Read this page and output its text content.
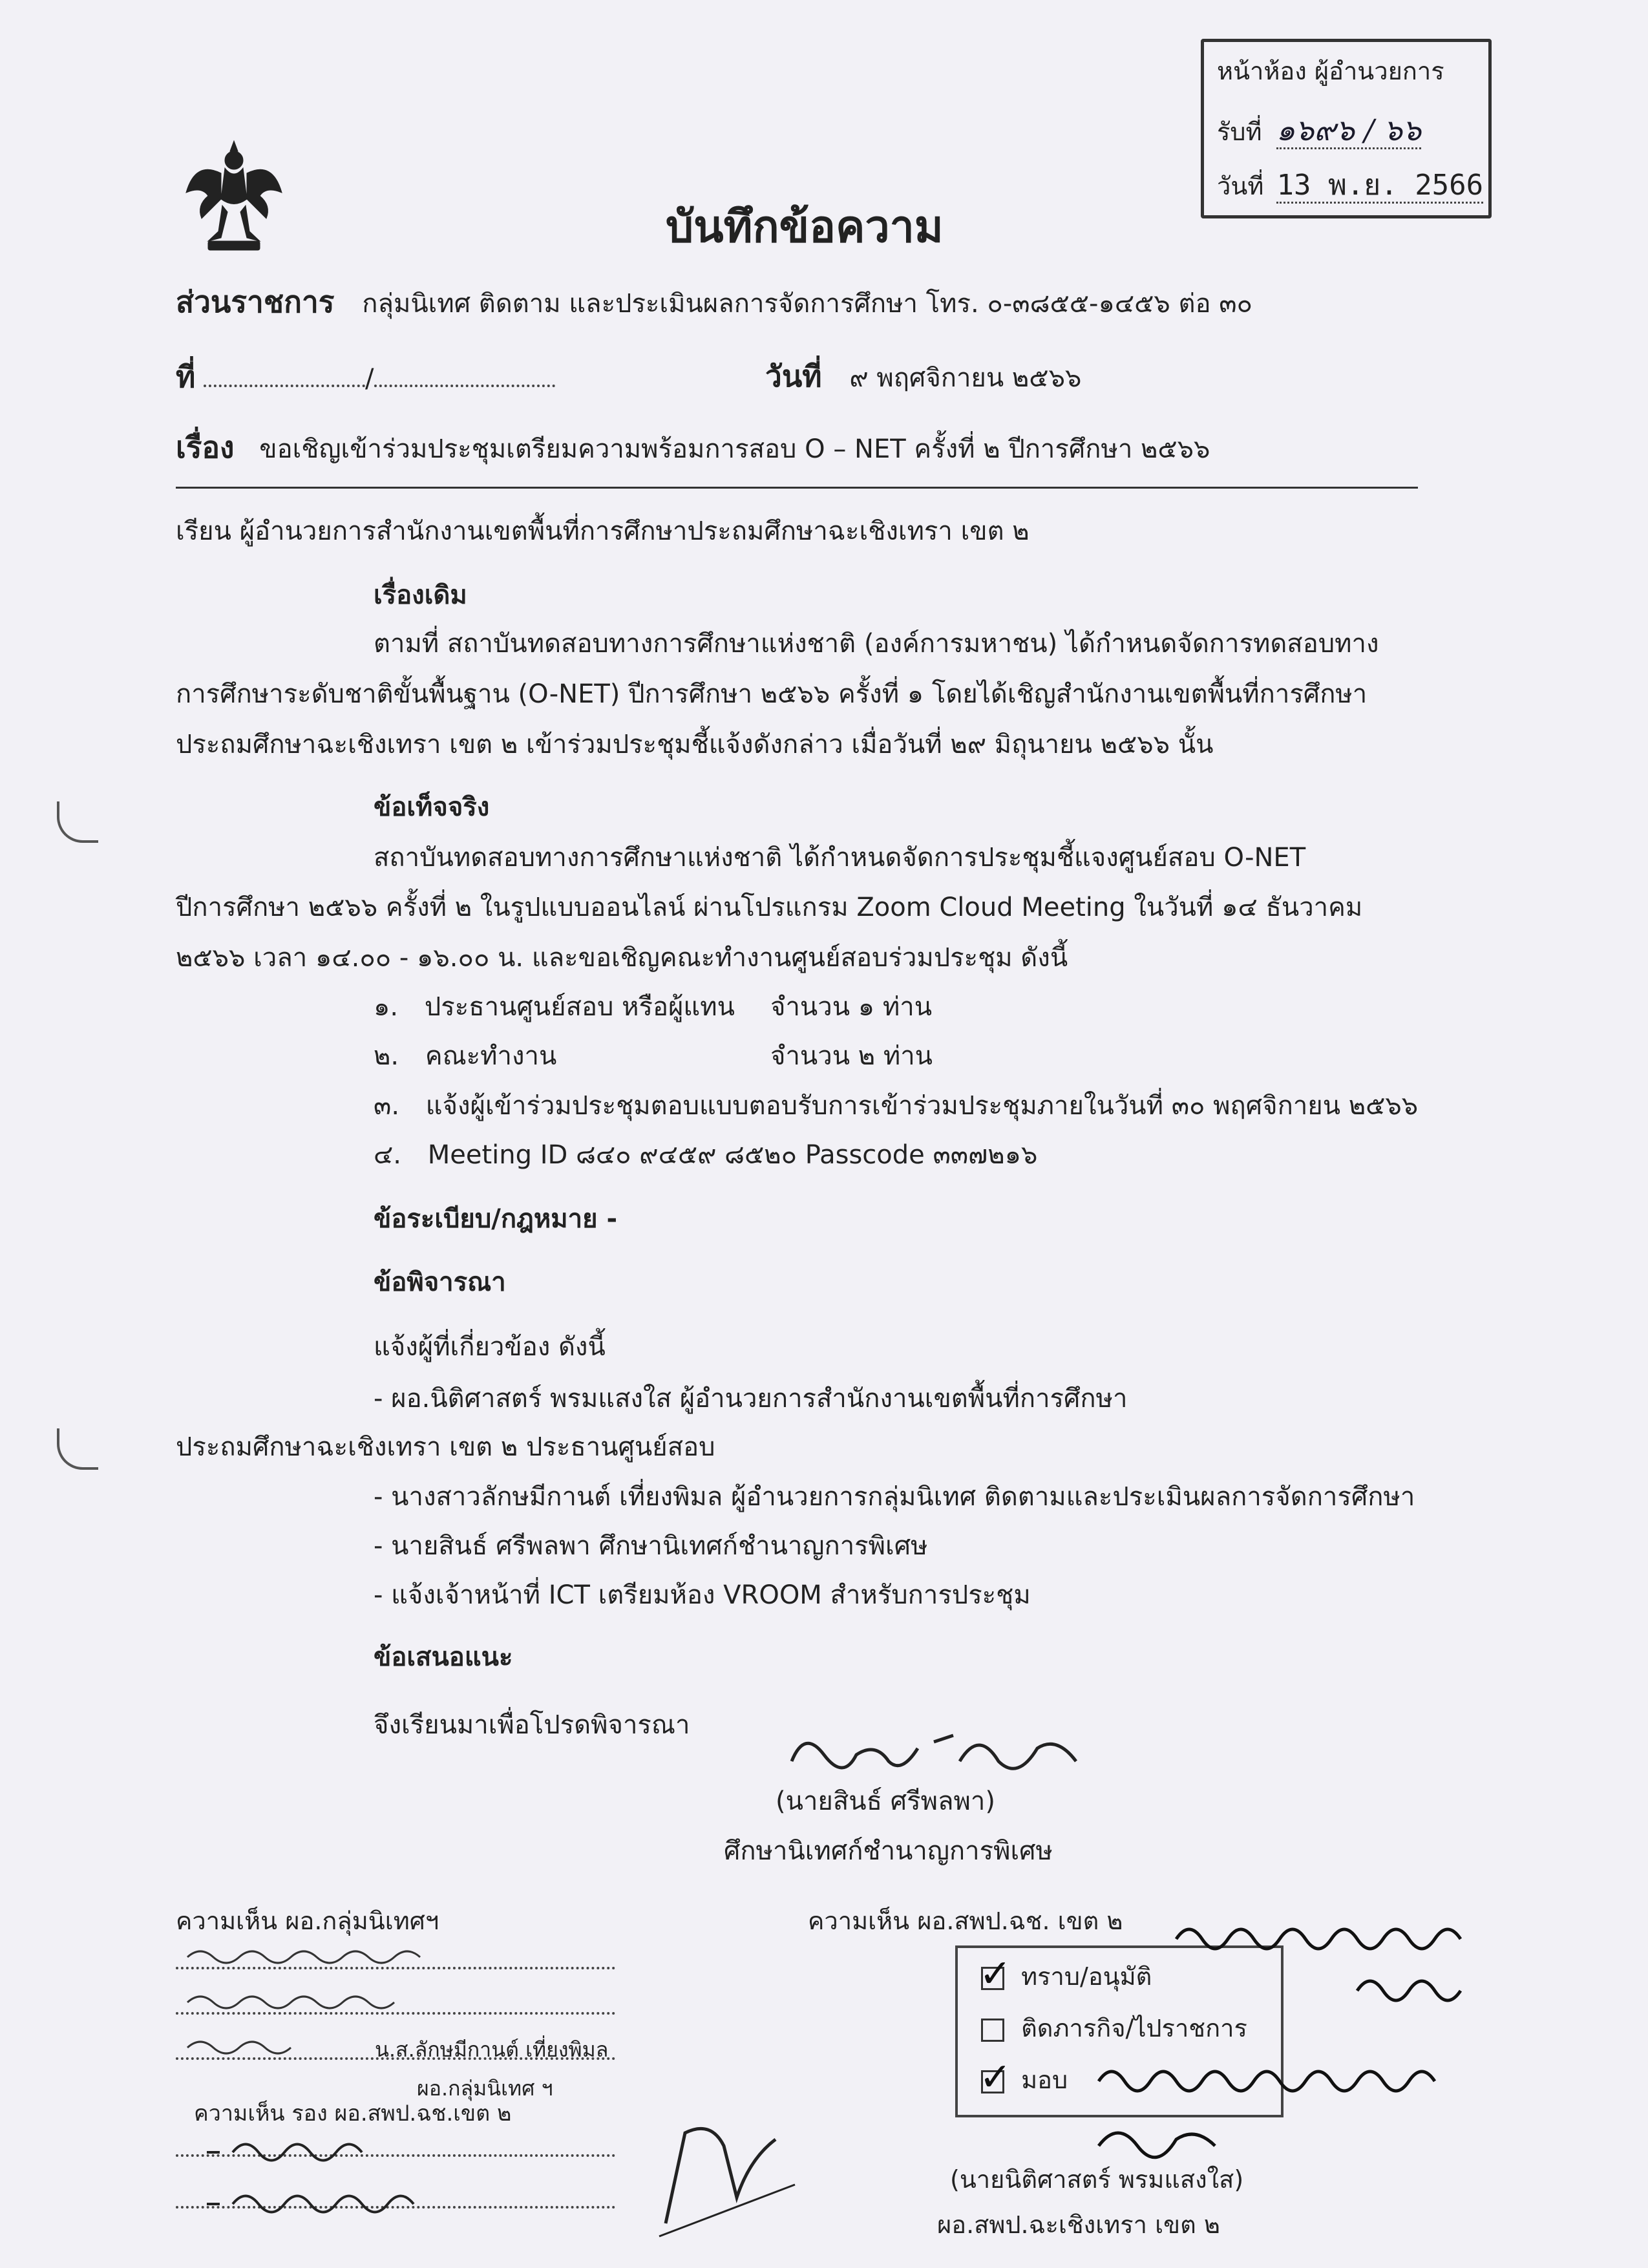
หน้าห้อง ผู้อำนวยการ
รับที่ ๑๖๙๖ / ๖๖
วันที่ 13 พ.ย. 2566
บันทึกข้อความ
ส่วนราชการ กลุ่มนิเทศ ติดตาม และประเมินผลการจัดการศึกษา โทร. ๐-๓๘๕๕-๑๔๕๖ ต่อ ๓๐
ที่	/	วันที่ ๙ พฤศจิกายน ๒๕๖๖
เรื่อง ขอเชิญเข้าร่วมประชุมเตรียมความพร้อมการสอบ O – NET ครั้งที่ ๒ ปีการศึกษา ๒๕๖๖
เรียน ผู้อำนวยการสำนักงานเขตพื้นที่การศึกษาประถมศึกษาฉะเชิงเทรา เขต ๒
เรื่องเดิม
ตามที่ สถาบันทดสอบทางการศึกษาแห่งชาติ (องค์การมหาชน) ได้กำหนดจัดการทดสอบทาง
การศึกษาระดับชาติขั้นพื้นฐาน (O-NET) ปีการศึกษา ๒๕๖๖ ครั้งที่ ๑ โดยได้เชิญสำนักงานเขตพื้นที่การศึกษา
ประถมศึกษาฉะเชิงเทรา เขต ๒ เข้าร่วมประชุมชี้แจ้งดังกล่าว เมื่อวันที่ ๒๙ มิถุนายน ๒๕๖๖ นั้น
ข้อเท็จจริง
สถาบันทดสอบทางการศึกษาแห่งชาติ ได้กำหนดจัดการประชุมชี้แจงศูนย์สอบ O-NET
ปีการศึกษา ๒๕๖๖ ครั้งที่ ๒ ในรูปแบบออนไลน์ ผ่านโปรแกรม Zoom Cloud Meeting ในวันที่ ๑๔ ธันวาคม
๒๕๖๖ เวลา ๑๔.๐๐ - ๑๖.๐๐ น. และขอเชิญคณะทำงานศูนย์สอบร่วมประชุม ดังนี้
๑. ประธานศูนย์สอบ หรือผู้แทน จำนวน ๑ ท่าน
๒. คณะทำงาน	จำนวน ๒ ท่าน
๓. แจ้งผู้เข้าร่วมประชุมตอบแบบตอบรับการเข้าร่วมประชุมภายในวันที่ ๓๐ พฤศจิกายน ๒๕๖๖
๔. Meeting ID ๘๔๐ ๙๔๕๙ ๘๕๒๐ Passcode ๓๓๗๒๑๖
ข้อระเบียบ/กฎหมาย -
ข้อพิจารณา
แจ้งผู้ที่เกี่ยวข้อง ดังนี้
- ผอ.นิติศาสตร์ พรมแสงใส ผู้อำนวยการสำนักงานเขตพื้นที่การศึกษา
ประถมศึกษาฉะเชิงเทรา เขต ๒ ประธานศูนย์สอบ
- นางสาวลักษมีกานต์ เที่ยงพิมล ผู้อำนวยการกลุ่มนิเทศ ติดตามและประเมินผลการจัดการศึกษา
- นายสินธ์ ศรีพลพา ศึกษานิเทศก์ชำนาญการพิเศษ
- แจ้งเจ้าหน้าที่ ICT เตรียมห้อง VROOM สำหรับการประชุม
ข้อเสนอแนะ
จึงเรียนมาเพื่อโปรดพิจารณา
(นายสินธ์ ศรีพลพา)
ศึกษานิเทศก์ชำนาญการพิเศษ
ความเห็น ผอ.กลุ่มนิเทศฯ
น.ส.ลักษมีกานต์ เที่ยงพิมล
ผอ.กลุ่มนิเทศ ฯ
ความเห็น รอง ผอ.สพป.ฉช.เขต ๒
ความเห็น ผอ.สพป.ฉช. เขต ๒
✓ ทราบ/อนุมัติ
ติดภารกิจ/ไปราชการ
✓ มอบ
(นายนิติศาสตร์ พรมแสงใส)
ผอ.สพป.ฉะเชิงเทรา เขต ๒
